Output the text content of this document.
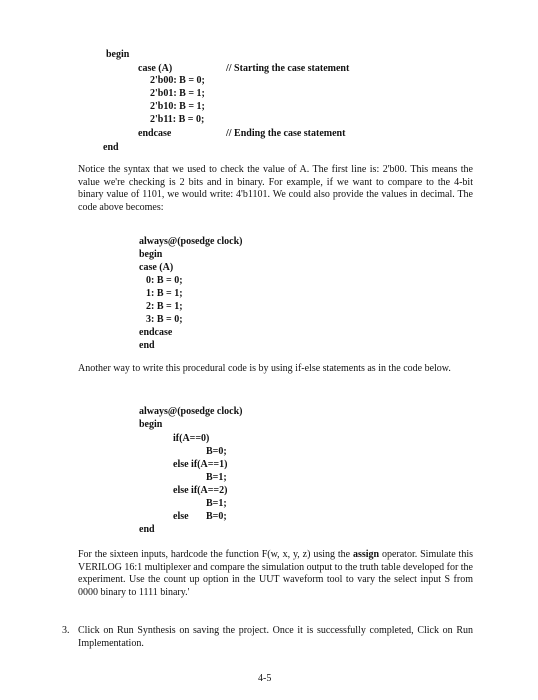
begin
case (A)	// Starting the case statement
2'b00: B = 0;
2'b01: B = 1;
2'b10: B = 1;
2'b11: B = 0;
endcase	// Ending the case statement
end
Notice the syntax that we used to check the value of A. The first line is: 2'b00. This means the value we're checking is 2 bits and in binary. For example, if we want to compare to the 4-bit binary value of 1101, we would write: 4'b1101. We could also provide the values in decimal. The code above becomes:
always@(posedge clock)
begin
case (A)
0: B = 0;
1: B = 1;
2: B = 1;
3: B = 0;
endcase
end
Another way to write this procedural code is by using if-else statements as in the code below.
always@(posedge clock)
begin
if(A==0)
B=0;
else if(A==1)
B=1;
else if(A==2)
B=1;
else B=0;
end
For the sixteen inputs, hardcode the function F(w, x, y, z) using the assign operator. Simulate this VERILOG 16:1 multiplexer and compare the simulation output to the truth table developed for the experiment. Use the count up option in the UUT waveform tool to vary the select input S from 0000 binary to 1111 binary.'
3. Click on Run Synthesis on saving the project. Once it is successfully completed, Click on Run Implementation.
4-5
